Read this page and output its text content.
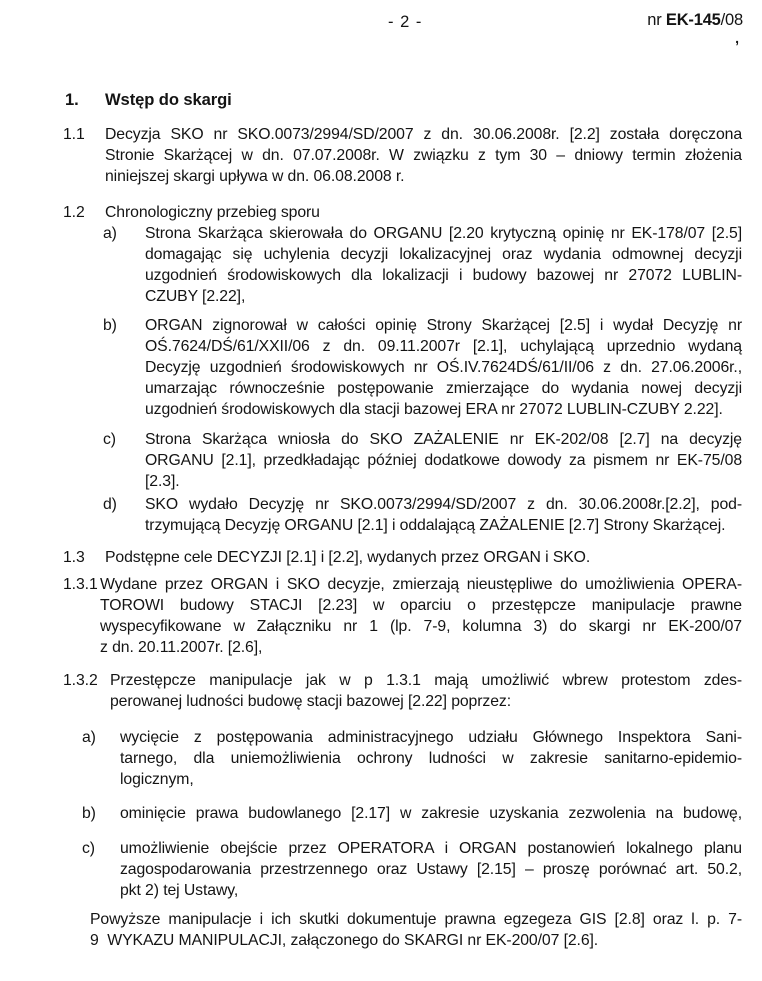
- 2 -	nr EK-145/08
,
1.	Wstęp do skargi
1.1	Decyzja SKO nr SKO.0073/2994/SD/2007 z dn. 30.06.2008r. [2.2] została doręczona
Stronie Skarżącej w dn. 07.07.2008r. W związku z tym 30 – dniowy termin złożenia
niniejszej skargi upływa w dn. 06.08.2008 r.
1.2	Chronologiczny przebieg sporu
a)	Strona Skarżąca skierowała do ORGANU [2.20 krytyczną opinię nr EK-178/07 [2.5]
domagając się uchylenia decyzji lokalizacyjnej oraz wydania odmownej decyzji
uzgodnień środowiskowych dla lokalizacji i budowy bazowej nr 27072 LUBLIN-
CZUBY [2.22],
b)	ORGAN zignorował w całości opinię Strony Skarżącej [2.5] i wydał Decyzję nr
OŚ.7624/DŚ/61/XXII/06 z dn. 09.11.2007r [2.1], uchylającą uprzednio wydaną
Decyzję uzgodnień środowiskowych nr OŚ.IV.7624DŚ/61/II/06 z dn. 27.06.2006r.,
umarzając równocześnie postępowanie zmierzające do wydania nowej decyzji
uzgodnień środowiskowych dla stacji bazowej ERA nr 27072 LUBLIN-CZUBY 2.22].
c)	Strona Skarżąca wniosła do SKO ZAŻALENIE nr EK-202/08 [2.7] na decyzję
ORGANU [2.1], przedkładając później dodatkowe dowody za pismem nr EK-75/08
[2.3].
d)	SKO wydało Decyzję nr SKO.0073/2994/SD/2007 z dn. 30.06.2008r.[2.2], pod-
trzymującą Decyzję ORGANU [2.1] i oddalającą ZAŻALENIE [2.7] Strony Skarżącej.
1.3	Podstępne cele DECYZJI [2.1] i [2.2], wydanych przez ORGAN i SKO.
1.3.1 Wydane przez ORGAN i SKO decyzje, zmierzają nieustępliwe do umożliwienia OPERA-
TOROWI budowy STACJI [2.23] w oparciu o przestępcze manipulacje prawne
wyspecyfikowane w Załączniku nr 1 (lp. 7-9, kolumna 3) do skargi nr EK-200/07
z dn. 20.11.2007r. [2.6],
1.3.2 Przestępcze manipulacje jak w p 1.3.1 mają umożliwić wbrew protestom zdes-
perowanej ludności budowę stacji bazowej [2.22] poprzez:
a)	wycięcie z postępowania administracyjnego udziału Głównego Inspektora Sani-
tarnego, dla uniemożliwienia ochrony ludności w zakresie sanitarno-epidemio-
logicznym,
b)	ominięcie prawa budowlanego [2.17] w zakresie uzyskania zezwolenia na budowę,
c)	umożliwienie obejście przez OPERATORA i ORGAN postanowień lokalnego planu
zagospodarowania przestrzennego oraz Ustawy [2.15] – proszę porównać art. 50.2,
pkt 2) tej Ustawy,
Powyższe manipulacje i ich skutki dokumentuje prawna egzegeza GIS [2.8] oraz l. p. 7-
9  WYKAZU MANIPULACJI, załączonego do SKARGI nr EK-200/07 [2.6].
